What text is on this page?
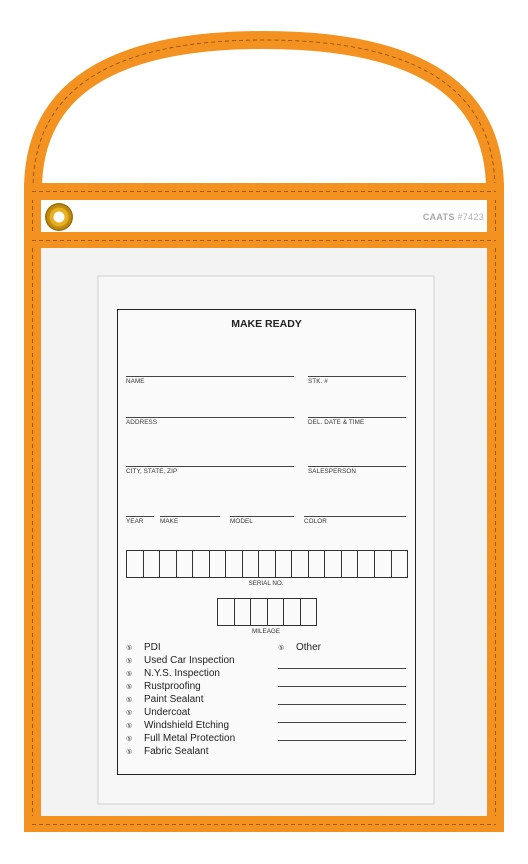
CAATS #7423
MAKE READY
NAME	STK. #
ADDRESS	DEL. DATE & TIME
CITY, STATE, ZIP	SALESPERSON
YEAR	MAKE	MODEL	COLOR
SERIAL NO.
MILEAGE
⑤	PDI
⑤	Used Car Inspection
⑤	N.Y.S. Inspection
⑤	Rustproofing
⑤	Paint Sealant
⑤	Undercoat
⑤	Windshield Etching
⑤	Full Metal Protection
⑤	Fabric Sealant
⑤	Other
